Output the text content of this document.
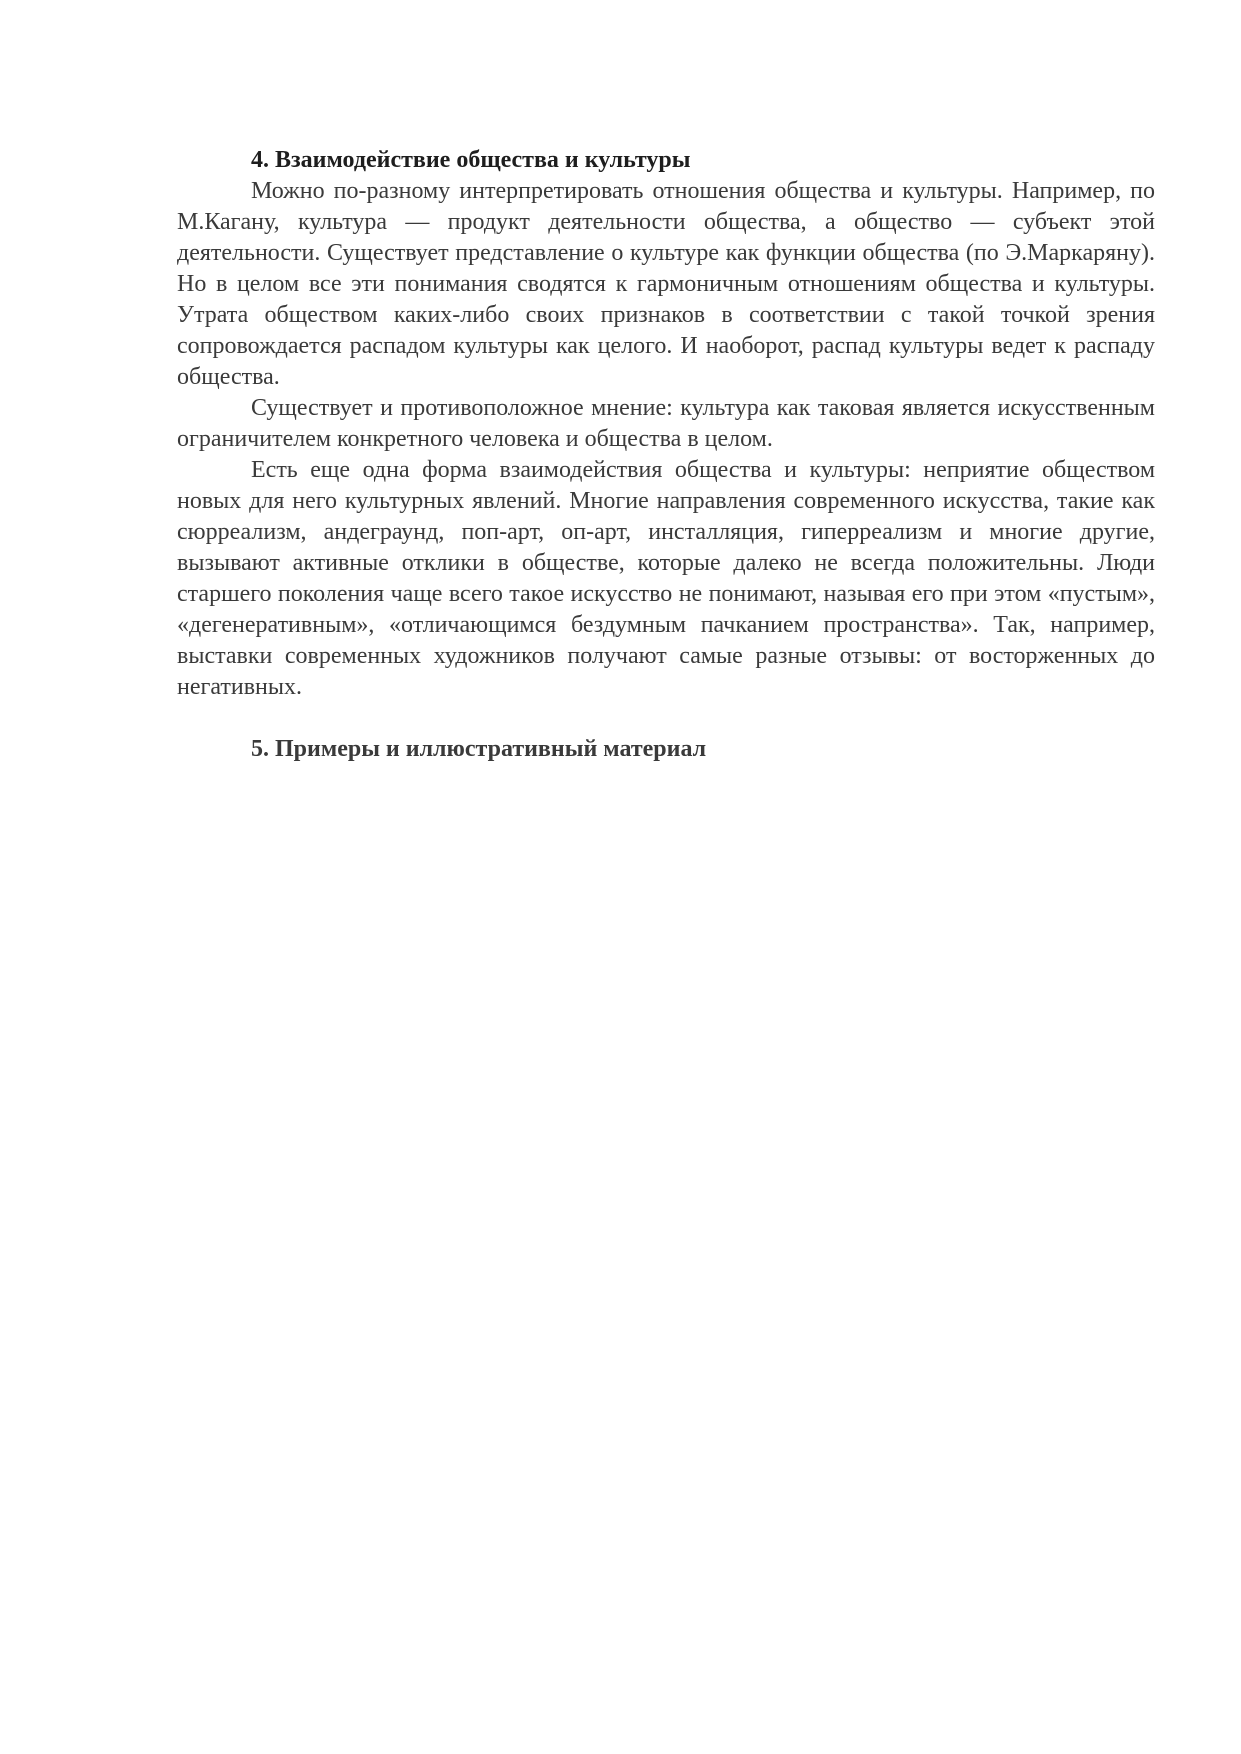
4. Взаимодействие общества и культуры

Можно по-разному интерпретировать отношения общества и культуры. Например, по М.Кагану, культура — продукт деятельности общества, а общество — субъект этой деятельности. Существует представление о культуре как функции общества (по Э.Маркаряну). Но в целом все эти понимания сводятся к гармоничным отношениям общества и культуры. Утрата обществом каких-либо своих признаков в соответствии с такой точкой зрения сопровождается распадом культуры как целого. И наоборот, распад культуры ведет к распаду общества.

Существует и противоположное мнение: культура как таковая является искусственным ограничителем конкретного человека и общества в целом.

Есть еще одна форма взаимодействия общества и культуры: неприятие обществом новых для него культурных явлений. Многие направления современного искусства, такие как сюрреализм, андеграунд, поп-арт, оп-арт, инсталляция, гиперреализм и многие другие, вызывают активные отклики в обществе, которые далеко не всегда положительны. Люди старшего поколения чаще всего такое искусство не понимают, называя его при этом «пустым», «дегенеративным», «отличающимся бездумным пачканием пространства». Так, например, выставки современных художников получают самые разные отзывы: от восторженных до негативных.

5. Примеры и иллюстративный материал
